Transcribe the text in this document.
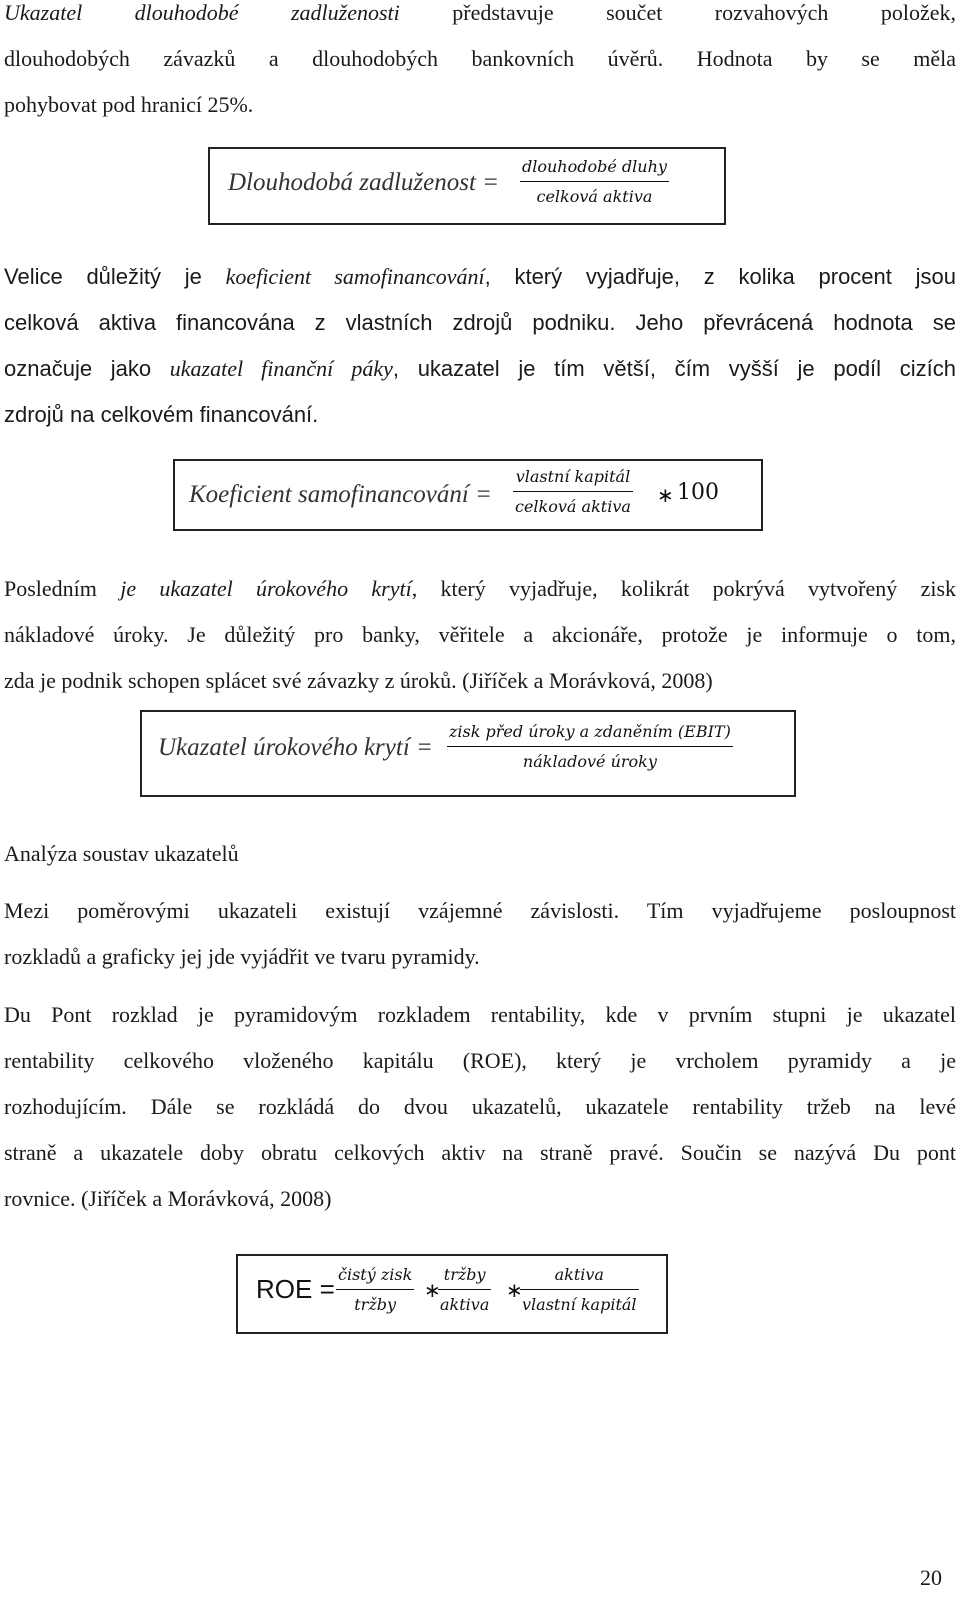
Ukazatel dlouhodobé zadluženosti představuje součet rozvahových položek,
dlouhodobých závazků a dlouhodobých bankovních úvěrů. Hodnota by se měla
pohybovat pod hranicí 25%.
Dlouhodobá zadluženost =
dlouhodobé dluhy
celková aktiva
Velice důležitý je koeficient samofinancování, který vyjadřuje, z kolika procent jsou
celková aktiva financována z vlastních zdrojů podniku. Jeho převrácená hodnota se
označuje jako ukazatel finanční páky, ukazatel je tím větší, čím vyšší je podíl cizích
zdrojů na celkovém financování.
Koeficient samofinancování =
vlastní kapitál
celková aktiva ∗ 100
Posledním je ukazatel úrokového krytí, který vyjadřuje, kolikrát pokrývá vytvořený zisk
nákladové úroky. Je důležitý pro banky, věřitele a akcionáře, protože je informuje o tom,
zda je podnik schopen splácet své závazky z úroků. (Jiříček a Morávková, 2008)
Ukazatel úrokového krytí =
zisk před úroky a zdaněním (EBIT)
nákladové úroky
Analýza soustav ukazatelů
Mezi poměrovými ukazateli existují vzájemné závislosti. Tím vyjadřujeme posloupnost
rozkladů a graficky jej jde vyjádřit ve tvaru pyramidy.
Du Pont rozklad je pyramidovým rozkladem rentability, kde v prvním stupni je ukazatel
rentability celkového vloženého kapitálu (ROE), který je vrcholem pyramidy a je
rozhodujícím. Dále se rozkládá do dvou ukazatelů, ukazatele rentability tržeb na levé
straně a ukazatele doby obratu celkových aktiv na straně pravé. Součin se nazývá Du pont
rovnice. (Jiříček a Morávková, 2008)
ROE = čistý zisk
tržby
∗
tržby
aktiva
∗
aktiva
vlastní kapitál
20
